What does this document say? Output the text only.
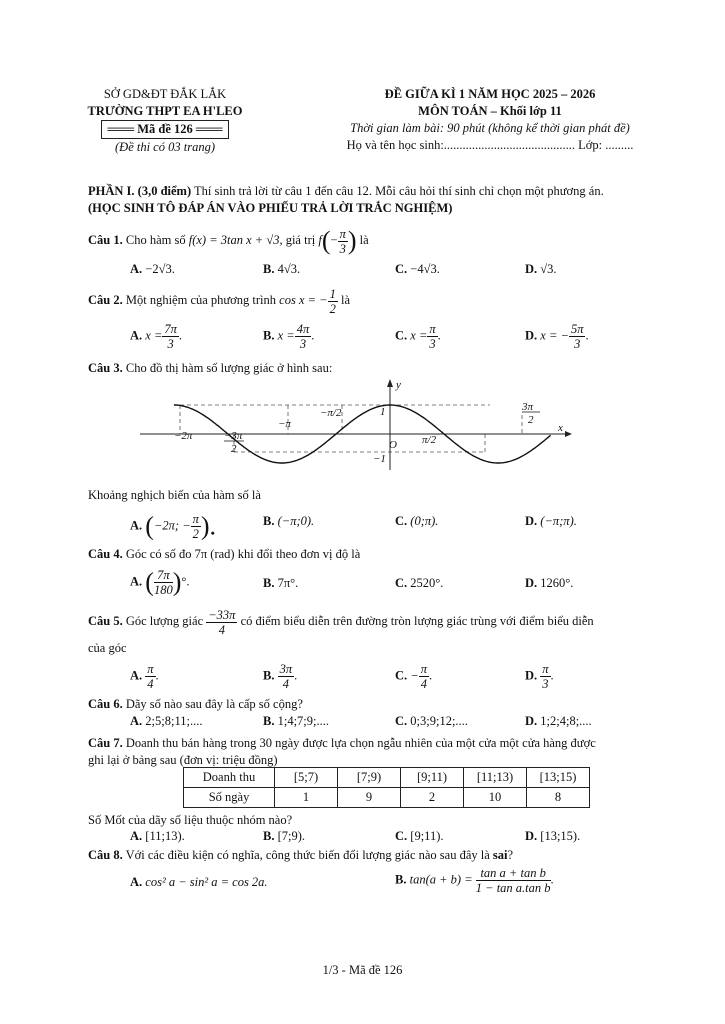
SỞ GD&ĐT ĐẮK LẮK
TRƯỜNG THPT EA H'LEO
═══ Mã đề 126 ═══
(Đề thi có 03 trang)
ĐỀ GIỮA KÌ 1 NĂM HỌC 2025 – 2026
MÔN TOÁN – Khối lớp 11
Thời gian làm bài: 90 phút (không kể thời gian phát đề)
Họ và tên học sinh:.......................................... Lớp: .........
PHẦN I. (3,0 điểm) Thí sinh trả lời từ câu 1 đến câu 12. Mỗi câu hỏi thí sinh chỉ chọn một phương án.
(HỌC SINH TÔ ĐÁP ÁN VÀO PHIẾU TRẢ LỜI TRẮC NGHIỆM)
Câu 1. Cho hàm số f(x) = 3tan x + √3, giá trị $f(- \frac{\pi}{3}$ ) là
A. −2√3.	B. 4√3.	C. −4√3.	D. √3.
Câu 2. Một nghiệm của phương trình cos x = − $\frac{1}{2}$ là
A. $x = \frac{7\pi}{3}$ .	B. $x = \frac{4\pi}{3}$ .	C. $x = \frac{\pi}{3}$ .	D. x = − $\frac{5\pi}{3}$ .
Câu 3. Cho đồ thị hàm số lượng giác ở hình sau:
y
x
O
1
−1
−2π
−π
π/2
−3π
2
−π/2	3π
2
Khoảng nghịch biến của hàm số là
A. (−2π; − $\frac{\pi}{2}$ ).	B. (−π;0).	C. (0;π).	D. (−π;π).
Câu 4. Góc có số đo 7π (rad) khi đổi theo đơn vị độ là
A. ( $\frac{7\pi}{180}$ )°.	B. 7π°.	C. 2520°.	D. 1260°.
Câu 5. Góc lượng giác $\frac{-33\pi}{4}$ có điểm biểu diễn trên đường tròn lượng giác trùng với điểm biểu diễn
của góc
A. $\frac{\pi}{4}$ .	B. $\frac{3\pi}{4}$ .	C. − $\frac{\pi}{4}$ .	D. $\frac{\pi}{3}$ .
Câu 6. Dãy số nào sau đây là cấp số cộng?
A. 2;5;8;11;....	B. 1;4;7;9;....	C. 0;3;9;12;....	D. 1;2;4;8;....
Câu 7. Doanh thu bán hàng trong 30 ngày được lựa chọn ngẫu nhiên của một cửa một cửa hàng được
ghi lại ở bảng sau (đơn vị: triệu đồng)
Doanh thu	[5;7)	[7;9)	[9;11)	[11;13)	[13;15)
Số ngày	1	9	2	10	8
Số Mốt của dãy số liệu thuộc nhóm nào?
A. [11;13).	B. [7;9).	C. [9;11).	D. [13;15).
Câu 8. Với các điều kiện có nghĩa, công thức biến đổi lượng giác nào sau đây là sai?
A. cos² a − sin² a = cos 2a.	B. $\tan(a + b) = \frac{\text{tan a + tan b}}{\text{1 − tan a.tan b}}$ .
1/3 - Mã đề 126
